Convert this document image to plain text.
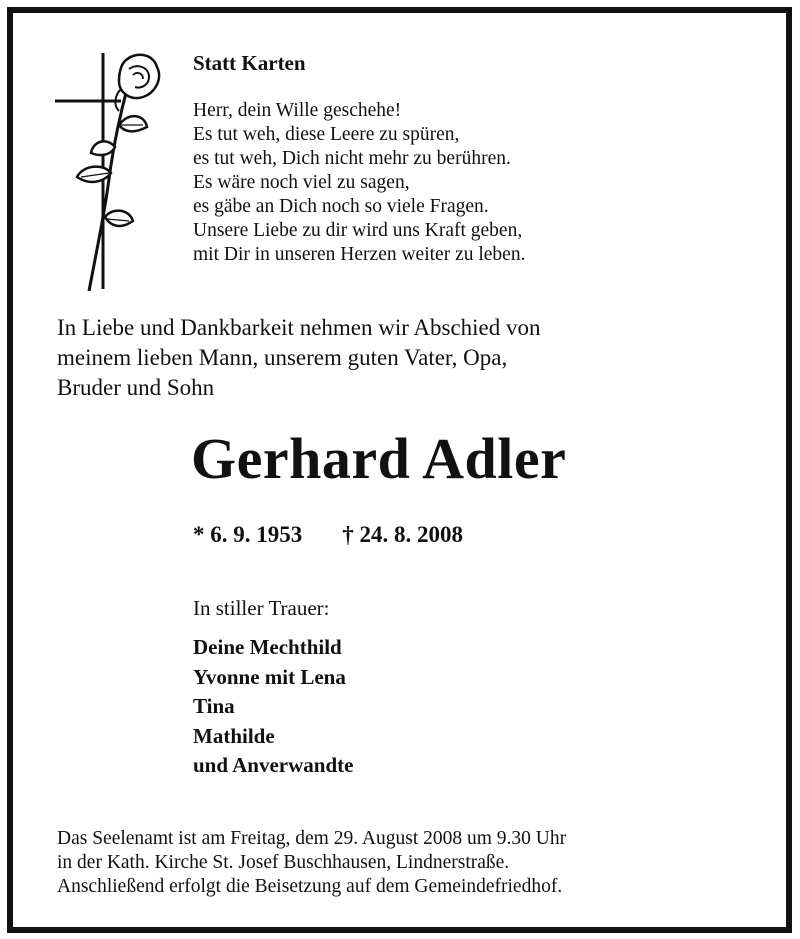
Statt Karten
Herr, dein Wille geschehe!
Es tut weh, diese Leere zu spüren,
es tut weh, Dich nicht mehr zu berühren.
Es wäre noch viel zu sagen,
es gäbe an Dich noch so viele Fragen.
Unsere Liebe zu dir wird uns Kraft geben,
mit Dir in unseren Herzen weiter zu leben.
In Liebe und Dankbarkeit nehmen wir Abschied von
meinem lieben Mann, unserem guten Vater, Opa,
Bruder und Sohn
Gerhard Adler
* 6. 9. 1953 † 24. 8. 2008
In stiller Trauer:
Deine Mechthild
Yvonne mit Lena
Tina
Mathilde
und Anverwandte
Das Seelenamt ist am Freitag, dem 29. August 2008 um 9.30 Uhr
in der Kath. Kirche St. Josef Buschhausen, Lindnerstraße.
Anschließend erfolgt die Beisetzung auf dem Gemeindefriedhof.
